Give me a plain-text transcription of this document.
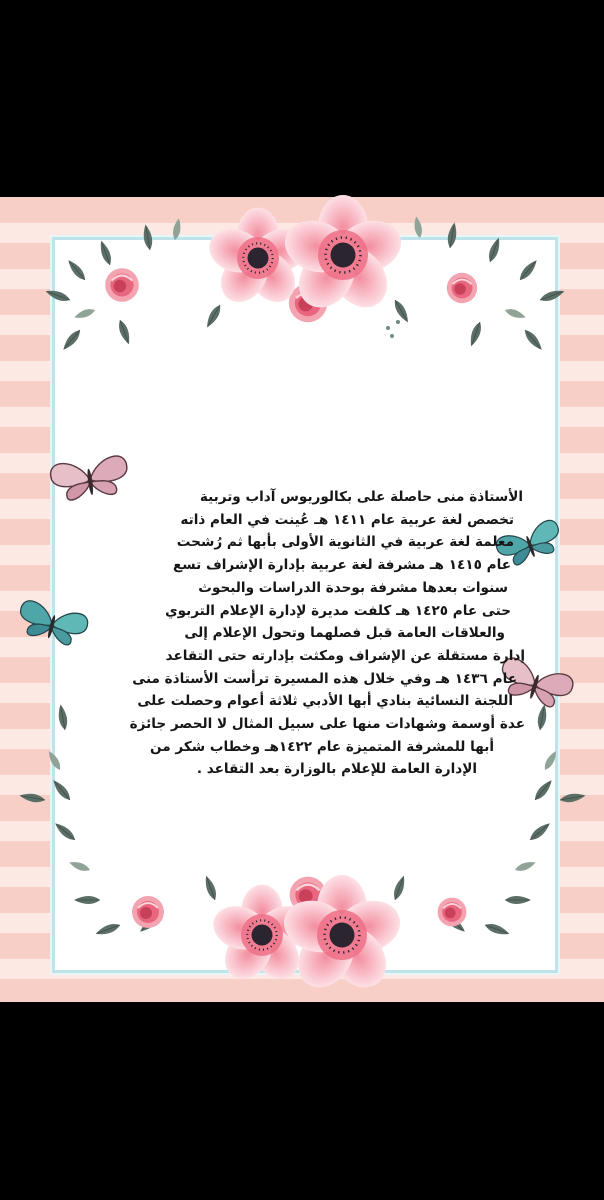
الأستاذة منى حاصلة على بكالوريوس آداب وتربية
تخصص لغة عربية عام ١٤١١ هـ عُينت في العام ذاته
معلمة لغة عربية في الثانوية الأولى بأبها ثم رُشحت
عام ١٤١٥ هـ مشرفة لغة عربية بإدارة الإشراف تسع
سنوات بعدها مشرفة بوحدة الدراسات والبحوث
حتى عام ١٤٢٥ هـ كلفت مديرة لإدارة الإعلام التربوي
والعلاقات العامة قبل فصلهما وتحول الإعلام إلى
إدارة مستقلة عن الإشراف ومكثت بإدارته حتى التقاعد
عام ١٤٣٦ هـ وفي خلال هذه المسيرة ترأست الأستاذة منى
اللجنة النسائية بنادي أبها الأدبي ثلاثة أعوام وحصلت على
عدة أوسمة وشهادات منها على سبيل المثال لا الحصر جائزة
أبها للمشرفة المتميزة عام ١٤٢٢هـ وخطاب شكر من
الإدارة العامة للإعلام بالوزارة بعد التقاعد .
